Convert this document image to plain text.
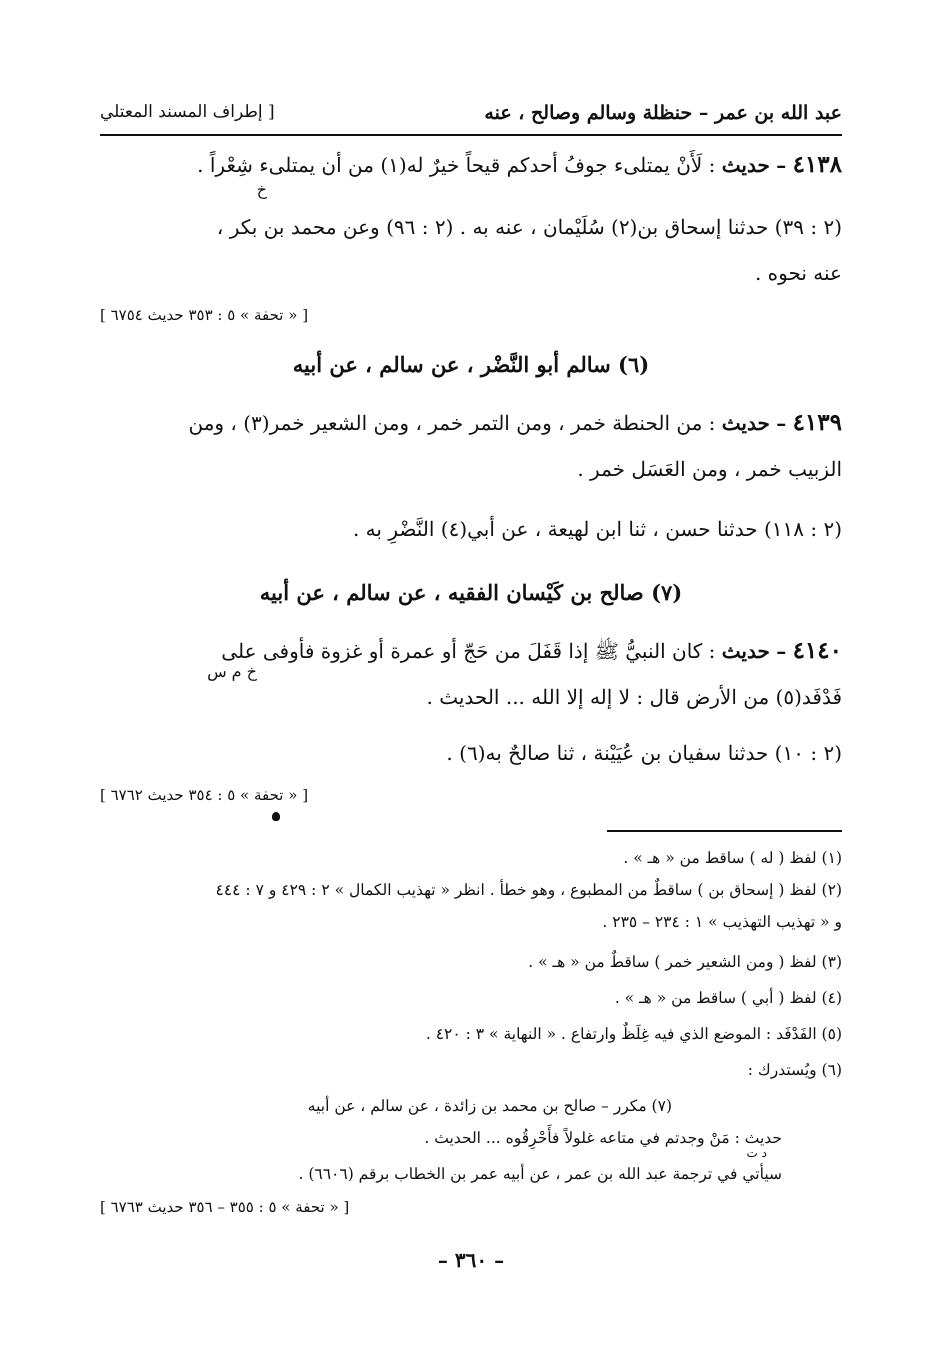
عبد الله بن عمر – حنظلة وسالم وصالح ، عنه
[ إطراف المسند المعتلي
٤١٣٨ – حديث : لَأَنْ يمتلىء جوفُ أحدكم قيحاً خيرٌ له(١) من أن يمتلىء شِعْراً .
خ
(٢ : ٣٩) حدثنا إسحاق بن(٢) سُلَيْمان ، عنه به . (٢ : ٩٦) وعن محمد بن بكر ،
عنه نحوه .
[ « تحفة » ٥ : ٣٥٣ حديث ٦٧٥٤ ]
(٦) سالم أبو النَّضْر ، عن سالم ، عن أبيه
٤١٣٩ – حديث : من الحنطة خمر ، ومن التمر خمر ، ومن الشعير خمر(٣) ، ومن
الزبيب خمر ، ومن العَسَل خمر .
(٢ : ١١٨) حدثنا حسن ، ثنا ابن لهيعة ، عن أبي(٤) النَّضْرِ به .
(٧) صالح بن كَيْسان الفقيه ، عن سالم ، عن أبيه
٤١٤٠ – حديث : كان النبيُّ ﷺ إذا قَفَلَ من حَجّ أو عمرة أو غزوة فأوفى على
خ م س
فَدْفَد(٥) من الأرض قال : لا إله إلا الله ... الحديث .
(٢ : ١٠) حدثنا سفيان بن عُيَيْنة ، ثنا صالحٌ به(٦) .
[ « تحفة » ٥ : ٣٥٤ حديث ٦٧٦٢ ]
(١) لفظ ( له ) ساقط من « هـ » .
(٢) لفظ ( إسحاق بن ) ساقطٌ من المطبوع ، وهو خطأ . انظر « تهذيب الكمال » ٢ : ٤٢٩ و ٧ : ٤٤٤
و « تهذيب التهذيب » ١ : ٢٣٤ – ٢٣٥ .
(٣) لفظ ( ومن الشعير خمر ) ساقطٌ من « هـ » .
(٤) لفظ ( أبي ) ساقط من « هـ » .
(٥) الفَدْفَد : الموضع الذي فيه غِلَظٌ وارتفاع . « النهاية » ٣ : ٤٢٠ .
(٦) ويُستدرك :
(٧) مكرر – صالح بن محمد بن زائدة ، عن سالم ، عن أبيه
حديث : مَنْ وجدتم في متاعه غلولاً فأَحْرِقُوه ... الحديث .
د ت
سيأتي في ترجمة عبد الله بن عمر ، عن أبيه عمر بن الخطاب برقم (٦٦٠٦) .
[ « تحفة » ٥ : ٣٥٥ – ٣٥٦ حديث ٦٧٦٣ ]
– ٣٦٠ –
